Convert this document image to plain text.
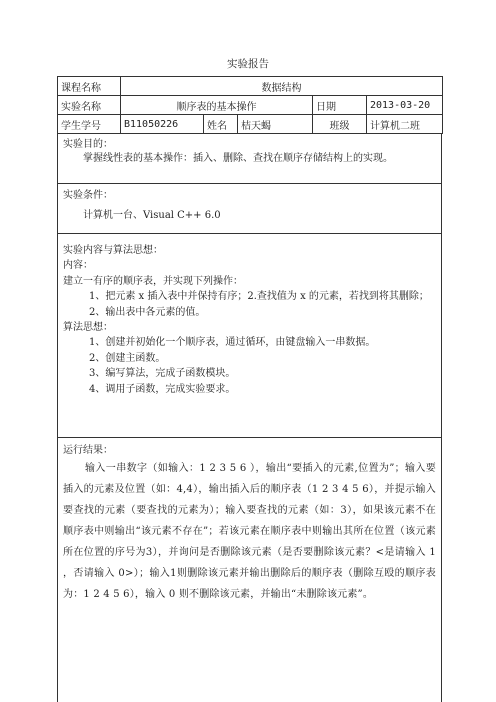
实验报告
课程名称	数据结构				
实验名称	顺序表的基本操作			日期	2013-03-20
学生学号	B11050226	姓名	桔天蝎	班级	计算机二班

实验目的：

掌握线性表的基本操作：插入、删除、查找在顺序存储结构上的实现。

实验条件：

计算机一台、Visual C++ 6.0

实验内容与算法思想：

内容：

建立一有序的顺序表，并实现下列操作：

1、把元素 x 插入表中并保持有序；2.查找值为 x 的元素，若找到将其删除；

2、输出表中各元素的值。

算法思想：

1、创建并初始化一个顺序表，通过循环，由键盘输入一串数据。

2、创建主函数。

3、编写算法，完成子函数模块。

4、调用子函数，完成实验要求。

运行结果：

输入一串数字（如输入：1 2 3 5 6 ），输出“要插入的元素,位置为”；输入要插入的元素及位置（如：4,4），输出插入后的顺序表（1 2 3 4 5 6），并提示输入要查找的元素（要查找的元素为）；输入要查找的元素（如：3），如果该元素不在顺序表中则输出“该元素不存在”；若该元素在顺序表中则输出其所在位置（该元素所在位置的序号为3），并询问是否删除该元素（是否要删除该元素？<是请输入 1 ，否请输入 0>）；输入1则删除该元素并输出删除后的顺序表（删除互殴的顺序表为：1 2 4 5 6），输入 0 则不删除该元素，并输出“未删除该元素”。
